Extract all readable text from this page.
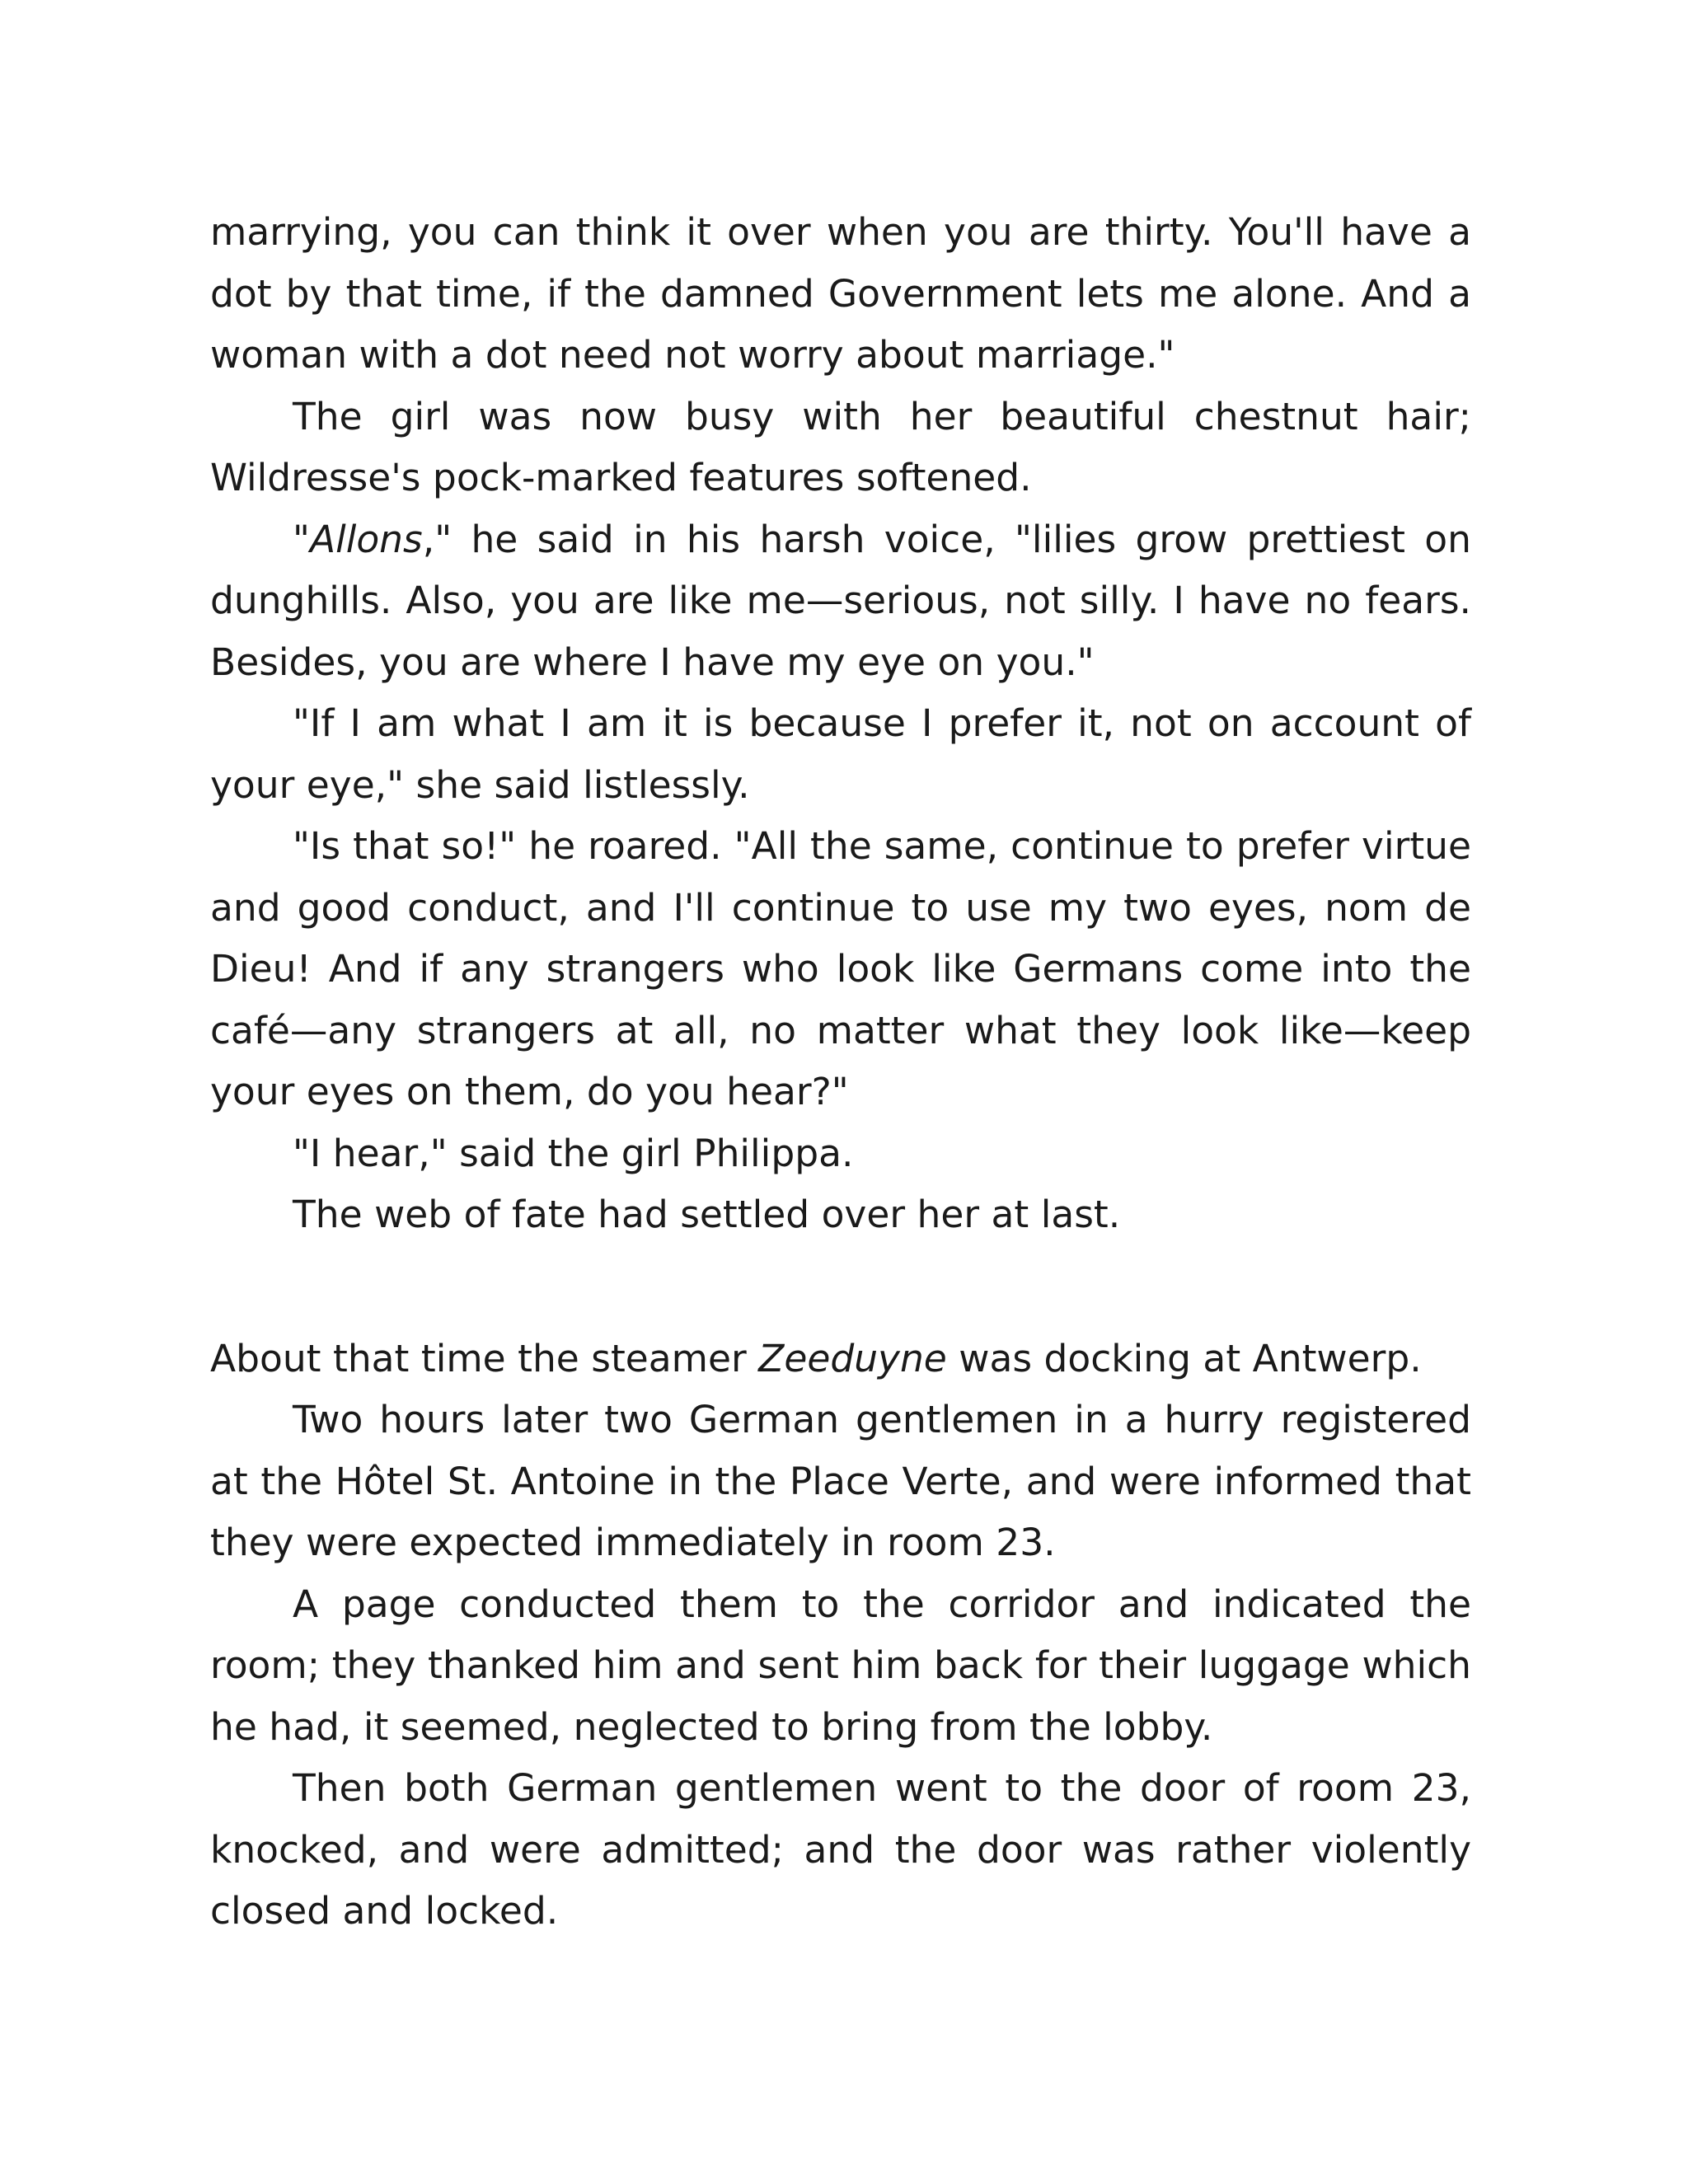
marrying, you can think it over when you are thirty. You'll have a dot by that time, if the damned Government lets me alone. And a woman with a dot need not worry about marriage."

The girl was now busy with her beautiful chestnut hair; Wildresse's pock-marked features softened.

"Allons," he said in his harsh voice, "lilies grow prettiest on dunghills. Also, you are like me—serious, not silly. I have no fears. Besides, you are where I have my eye on you."

"If I am what I am it is because I prefer it, not on account of your eye," she said listlessly.

"Is that so!" he roared. "All the same, continue to prefer virtue and good conduct, and I'll continue to use my two eyes, nom de Dieu! And if any strangers who look like Germans come into the café—any strangers at all, no matter what they look like—keep your eyes on them, do you hear?"

"I hear," said the girl Philippa.

The web of fate had settled over her at last.

About that time the steamer Zeeduyne was docking at Antwerp.

Two hours later two German gentlemen in a hurry registered at the Hôtel St. Antoine in the Place Verte, and were informed that they were expected immediately in room 23.

A page conducted them to the corridor and indicated the room; they thanked him and sent him back for their luggage which he had, it seemed, neglected to bring from the lobby.

Then both German gentlemen went to the door of room 23, knocked, and were admitted; and the door was rather violently closed and locked.
